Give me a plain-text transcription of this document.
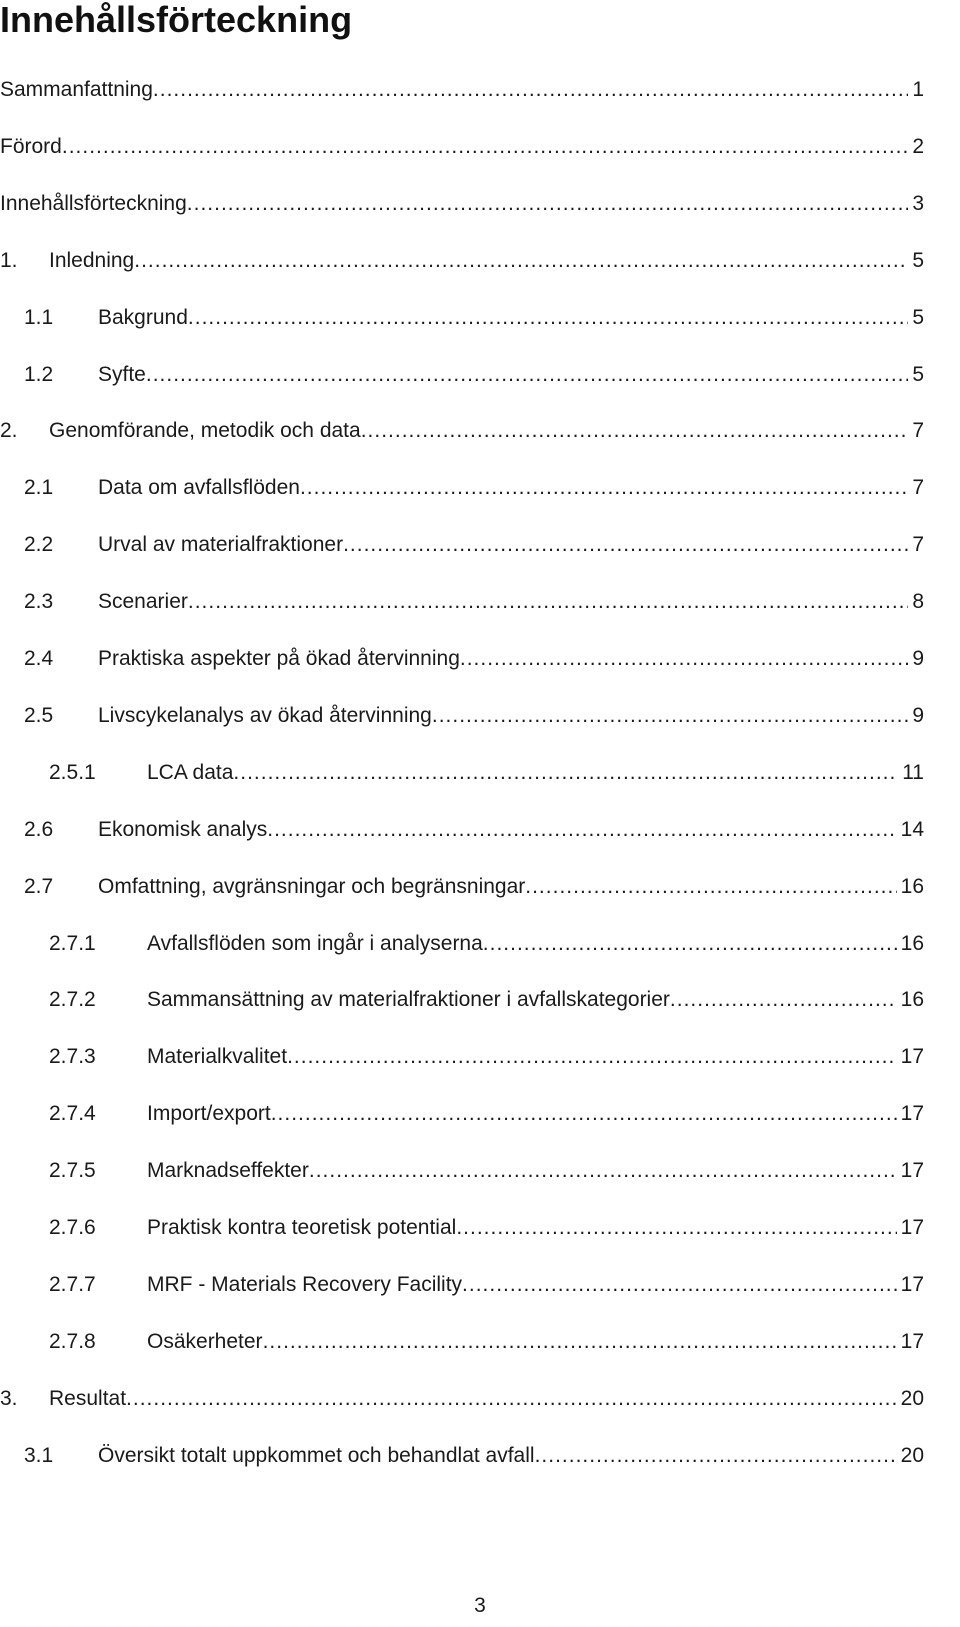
Innehållsförteckning
Sammanfattning .....	1
Förord .....	2
Innehållsförteckning .....	3
1.	Inledning .....	5
1.1	Bakgrund .....	5
1.2	Syfte .....	5
2.	Genomförande, metodik och data .....	7
2.1	Data om avfallsflöden .....	7
2.2	Urval av materialfraktioner .....	7
2.3	Scenarier .....	8
2.4	Praktiska aspekter på ökad återvinning .....	9
2.5	Livscykelanalys av ökad återvinning .....	9
2.5.1	LCA data .....	11
2.6	Ekonomisk analys .....	14
2.7	Omfattning, avgränsningar och begränsningar .....	16
2.7.1	Avfallsflöden som ingår i analyserna .....	16
2.7.2	Sammansättning av materialfraktioner i avfallskategorier .....	16
2.7.3	Materialkvalitet .....	17
2.7.4	Import/export .....	17
2.7.5	Marknadseffekter .....	17
2.7.6	Praktisk kontra teoretisk potential .....	17
2.7.7	MRF - Materials Recovery Facility .....	17
2.7.8	Osäkerheter .....	17
3.	Resultat .....	20
3.1	Översikt totalt uppkommet och behandlat avfall .....	20
3
